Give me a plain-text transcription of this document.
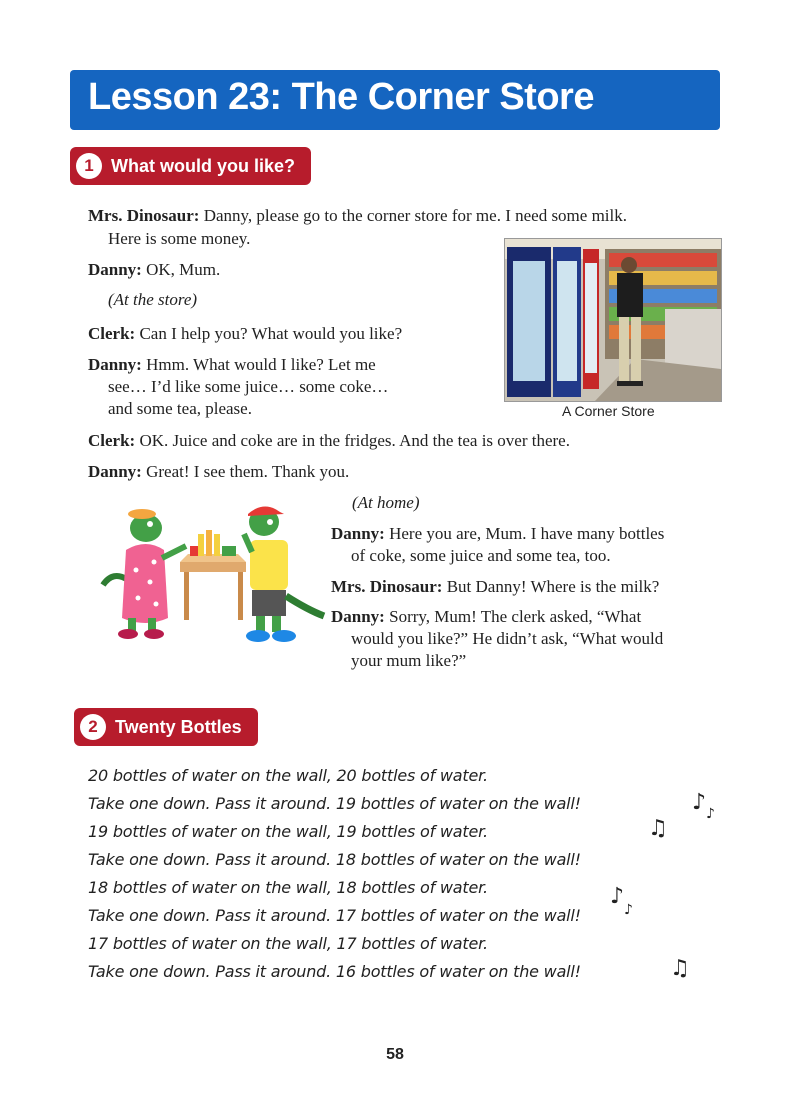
Lesson 23: The Corner Store
1 What would you like?
Mrs. Dinosaur: Danny, please go to the corner store for me. I need some milk.
Here is some money.
Danny: OK, Mum.
(At the store)
Clerk: Can I help you? What would you like?
Danny: Hmm. What would I like? Let me
see… I’d like some juice… some coke…
and some tea, please.
Clerk: OK. Juice and coke are in the fridges. And the tea is over there.
Danny: Great! I see them. Thank you.
(At home)
Danny: Here you are, Mum. I have many bottles
of coke, some juice and some tea, too.
Mrs. Dinosaur: But Danny! Where is the milk?
Danny: Sorry, Mum! The clerk asked, “What
would you like?” He didn’t ask, “What would
your mum like?”
A Corner Store
2 Twenty Bottles
20 bottles of water on the wall, 20 bottles of water.
Take one down. Pass it around. 19 bottles of water on the wall!
19 bottles of water on the wall, 19 bottles of water.
Take one down. Pass it around. 18 bottles of water on the wall!
18 bottles of water on the wall, 18 bottles of water.
Take one down. Pass it around. 17 bottles of water on the wall!
17 bottles of water on the wall, 17 bottles of water.
Take one down. Pass it around. 16 bottles of water on the wall!
♪ ♪
♫
♪
♪
♫
58
